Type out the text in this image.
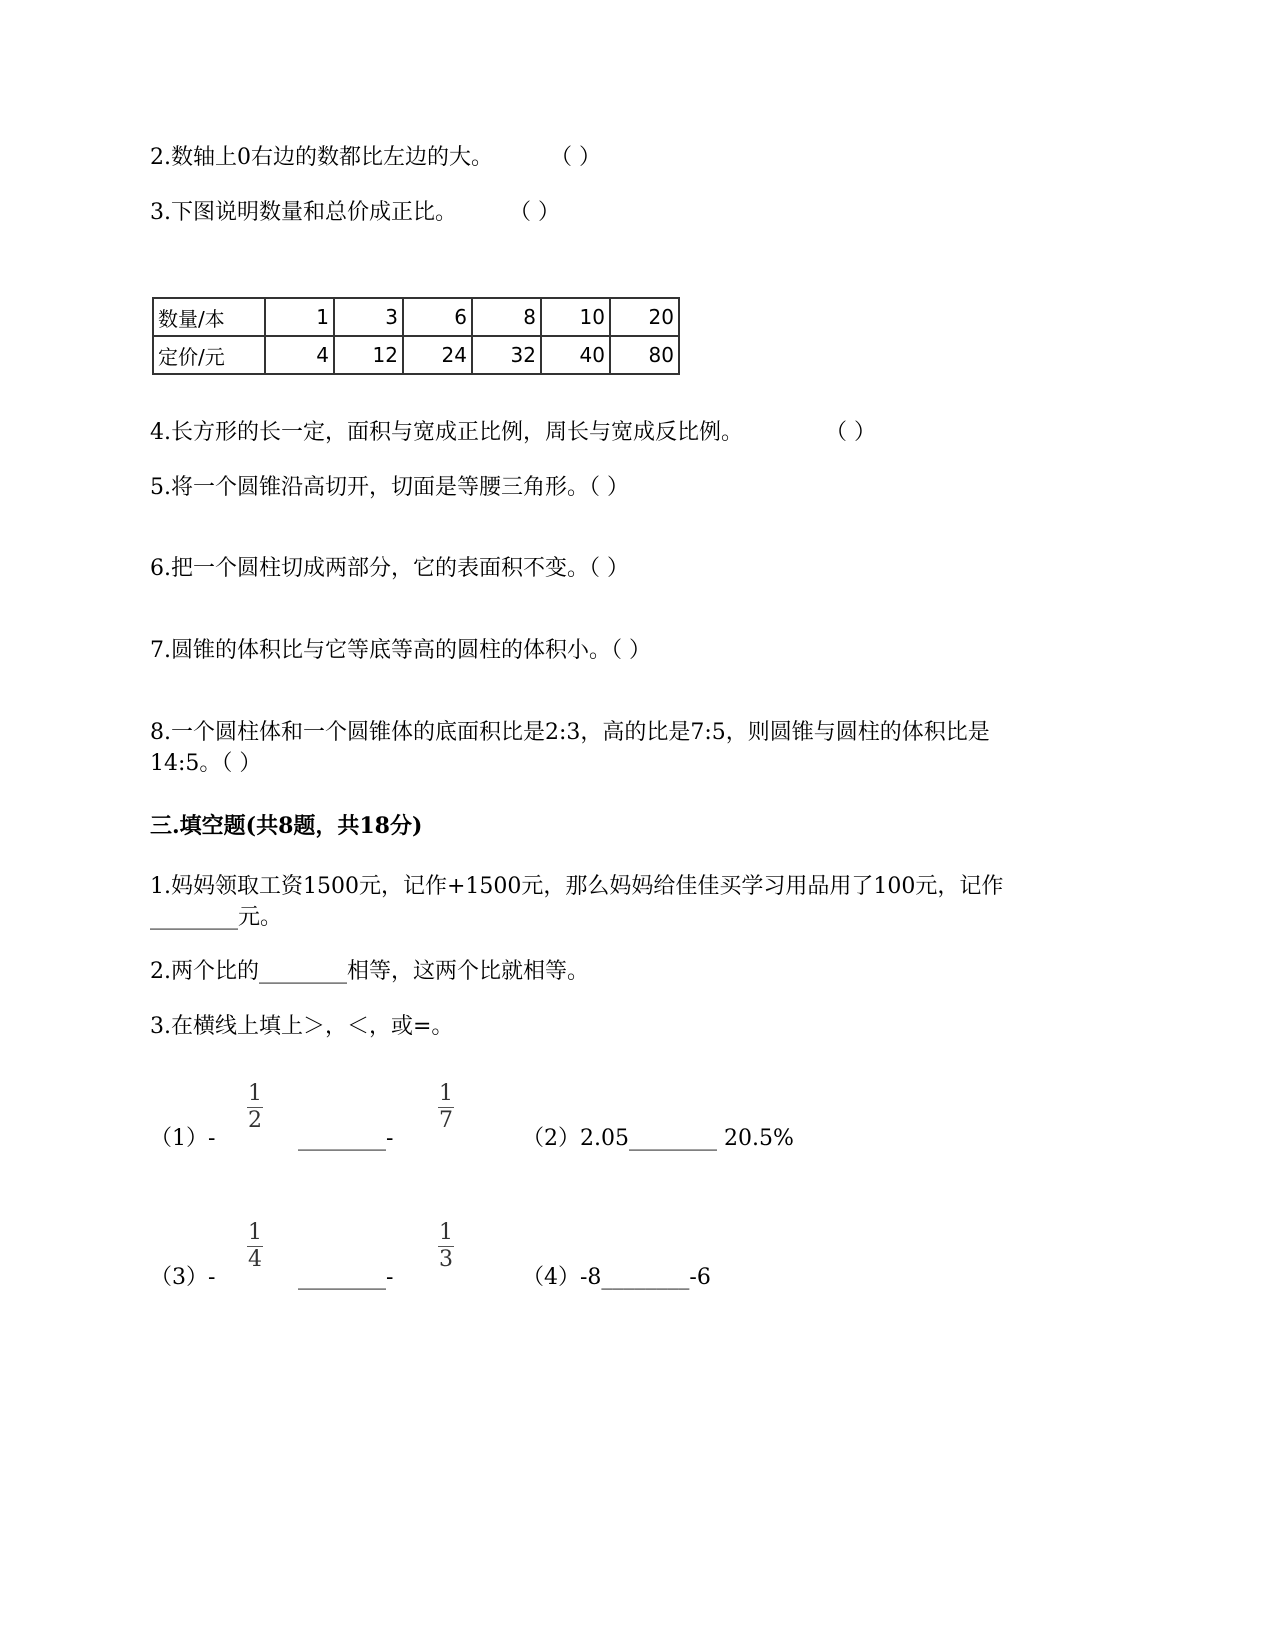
2.数轴上0右边的数都比左边的大。	（ ）
3.下图说明数量和总价成正比。 （ ）
数量/本	1	3	6	8	10	20
定价/元	4	12	24	32	40	80
4.长方形的长一定，面积与宽成正比例，周长与宽成反比例。	（ ）
5.将一个圆锥沿高切开，切面是等腰三角形。（ ）
6.把一个圆柱切成两部分，它的表面积不变。（ ）
7.圆锥的体积比与它等底等高的圆柱的体积小。（ ）
8.一个圆柱体和一个圆锥体的底面积比是2:3，高的比是7:5，则圆锥与圆柱的体积比是
14:5。（ ）
三.填空题(共8题，共18分)
1.妈妈领取工资1500元，记作+1500元，那么妈妈给佳佳买学习用品用了100元，记作
________元。
2.两个比的________相等，这两个比就相等。
3.在横线上填上＞，＜，或=。
（1）-
1
2
________-
1
7
（2）2.05________ 20.5%
（3）-
1
4
________-
1
3
（4）-8________-6
